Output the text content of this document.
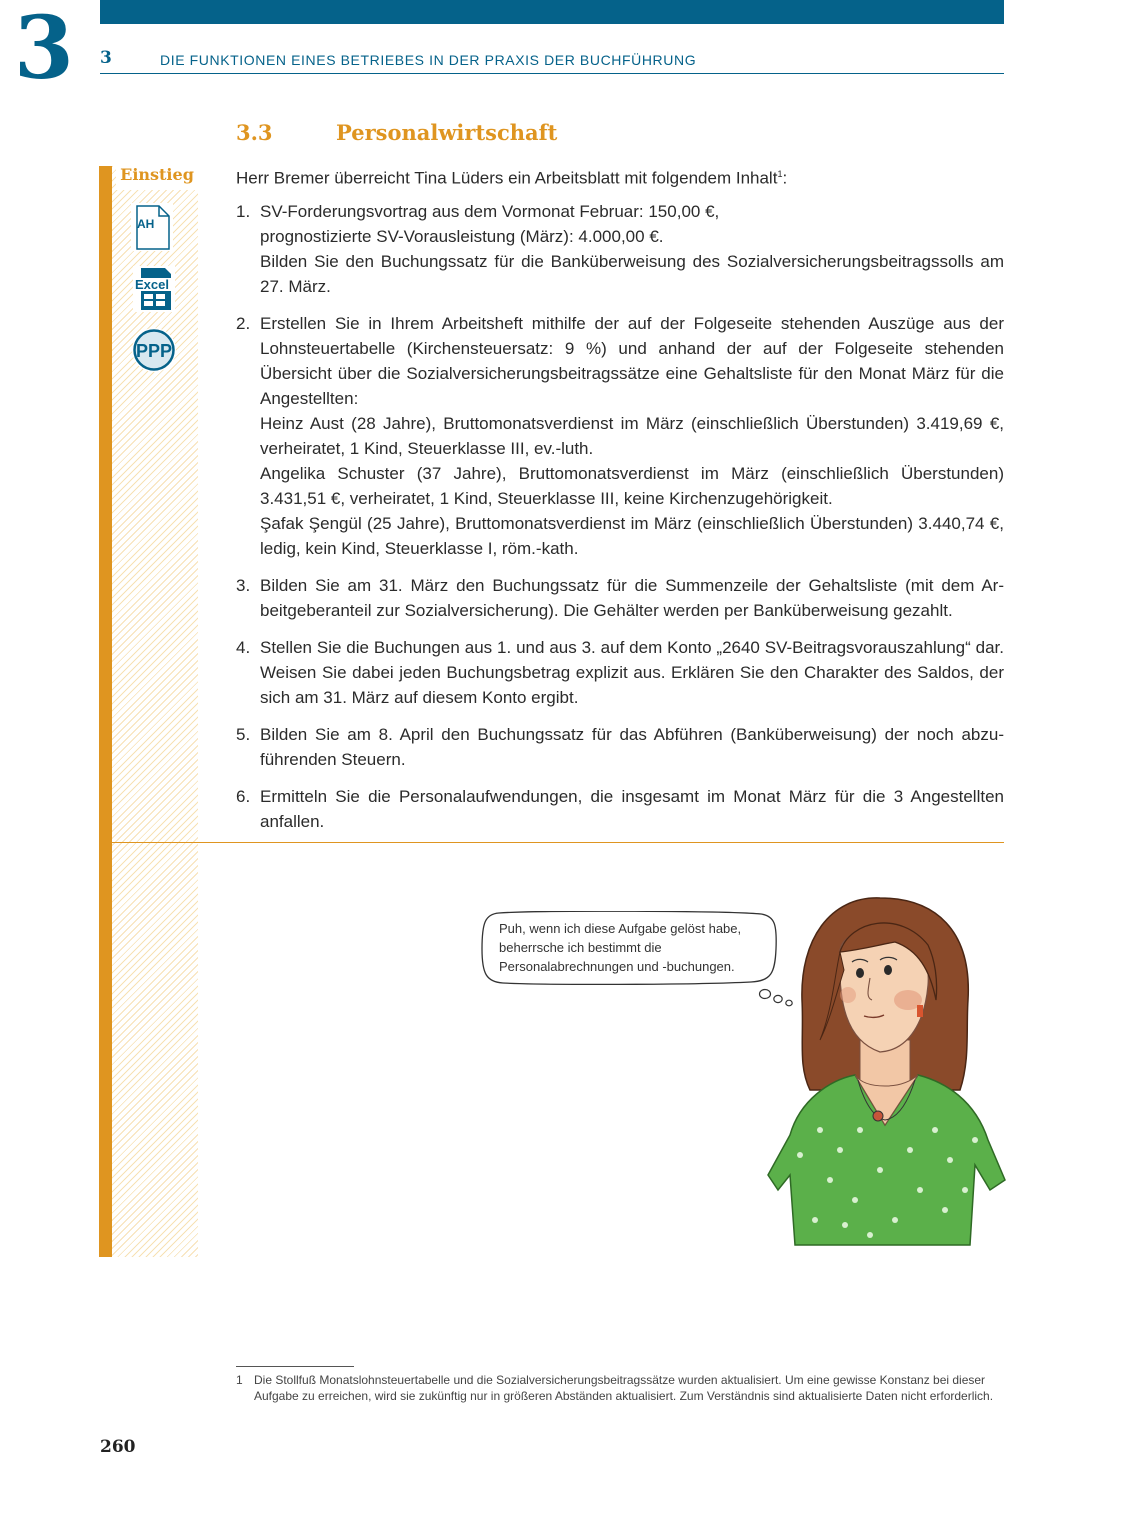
3 3	DIE FUNKTIONEN EINES BETRIEBES IN DER PRAXIS DER BUCHFÜHRUNG
3.3	Personalwirtschaft
Einstieg
AH
Excel
PPP
Herr Bremer überreicht Tina Lüders ein Arbeitsblatt mit folgendem Inhalt$^1$:
1. SV-Forderungsvortrag aus dem Vormonat Februar: 150,00 €,

prognostizierte SV-Vorausleistung (März): 4.000,00 €.

Bilden Sie den Buchungssatz für die Banküberweisung des Sozialversicherungsbeitragssolls am 27. März.

2. Erstellen Sie in Ihrem Arbeitsheft mithilfe der auf der Folgeseite stehenden Auszüge aus der Lohnsteuertabelle (Kirchensteuersatz: 9 %) und anhand der auf der Folgeseite stehenden Übersicht über die Sozialversicherungsbeitragssätze eine Gehaltsliste für den Monat März für die Angestellten:

Heinz Aust (28 Jahre), Bruttomonatsverdienst im März (einschließlich Überstunden) 3.419,69 €, verheiratet, 1 Kind, Steuerklasse III, ev.-luth.

Angelika Schuster (37 Jahre), Bruttomonatsverdienst im März (einschließlich Überstunden) 3.431,51 €, verheiratet, 1 Kind, Steuerklasse III, keine Kirchenzugehörigkeit.

Şafak Şengül (25 Jahre), Bruttomonatsverdienst im März (einschließlich Überstunden) 3.440,74 €, ledig, kein Kind, Steuerklasse I, röm.-kath.

3. Bilden Sie am 31. März den Buchungssatz für die Summenzeile der Gehaltsliste (mit dem Arbeitgeberanteil zur Sozialversicherung). Die Gehälter werden per Banküberweisung gezahlt.

4. Stellen Sie die Buchungen aus 1. und aus 3. auf dem Konto „2640 SV-Beitragsvorauszahlung“ dar. Weisen Sie dabei jeden Buchungsbetrag explizit aus. Erklären Sie den Charakter des Saldos, der sich am 31. März auf diesem Konto ergibt.

5. Bilden Sie am 8. April den Buchungssatz für das Abführen (Banküberweisung) der noch abzuführenden Steuern.

6. Ermitteln Sie die Personalaufwendungen, die insgesamt im Monat März für die 3 Angestellten anfallen.

Puh, wenn ich diese Aufgabe gelöst habe, beherrsche ich bestimmt die Personalabrechnungen und -buchungen.
1 Die Stollfuß Monatslohnsteuertabelle und die Sozialversicherungsbeitragssätze wurden aktualisiert. Um eine gewisse Konstanz bei dieser Aufgabe zu erreichen, wird sie zukünftig nur in größeren Abständen aktualisiert. Zum Verständnis sind aktualisierte Daten nicht erforderlich.
260
